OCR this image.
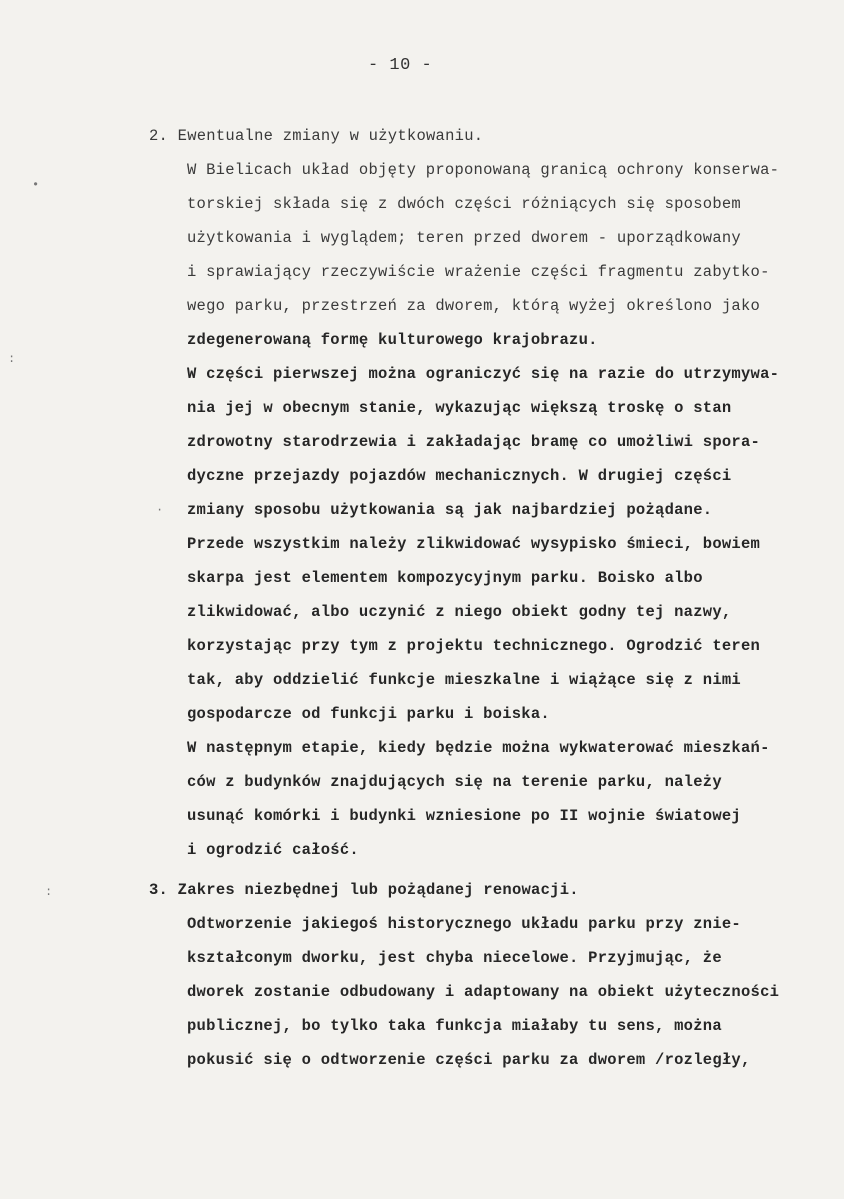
- 10 -
2. Ewentualne zmiany w użytkowaniu.
W Bielicach układ objęty proponowaną granicą ochrony konserwa-
torskiej składa się z dwóch części różniących się sposobem
użytkowania i wyglądem; teren przed dworem - uporządkowany
i sprawiający rzeczywiście wrażenie części fragmentu zabytko-
wego parku, przestrzeń za dworem, którą wyżej określono jako
zdegenerowaną formę kulturowego krajobrazu.
W części pierwszej można ograniczyć się na razie do utrzymywa-
nia jej w obecnym stanie, wykazując większą troskę o stan
zdrowotny starodrzewia i zakładając bramę co umożliwi spora-
dyczne przejazdy pojazdów mechanicznych. W drugiej części
zmiany sposobu użytkowania są jak najbardziej pożądane.
Przede wszystkim należy zlikwidować wysypisko śmieci, bowiem
skarpa jest elementem kompozycyjnym parku. Boisko albo
zlikwidować, albo uczynić z niego obiekt godny tej nazwy,
korzystając przy tym z projektu technicznego. Ogrodzić teren
tak, aby oddzielić funkcje mieszkalne i wiążące się z nimi
gospodarcze od funkcji parku i boiska.
W następnym etapie, kiedy będzie można wykwaterować mieszkań-
ców z budynków znajdujących się na terenie parku, należy
usunąć komórki i budynki wzniesione po II wojnie światowej
i ogrodzić całość.
3. Zakres niezbędnej lub pożądanej renowacji.
Odtworzenie jakiegoś historycznego układu parku przy znie-
kształconym dworku, jest chyba niecelowe. Przyjmując, że
dworek zostanie odbudowany i adaptowany na obiekt użyteczności
publicznej, bo tylko taka funkcja miałaby tu sens, można
pokusić się o odtworzenie części parku za dworem /rozległy,
•
:
:
·
